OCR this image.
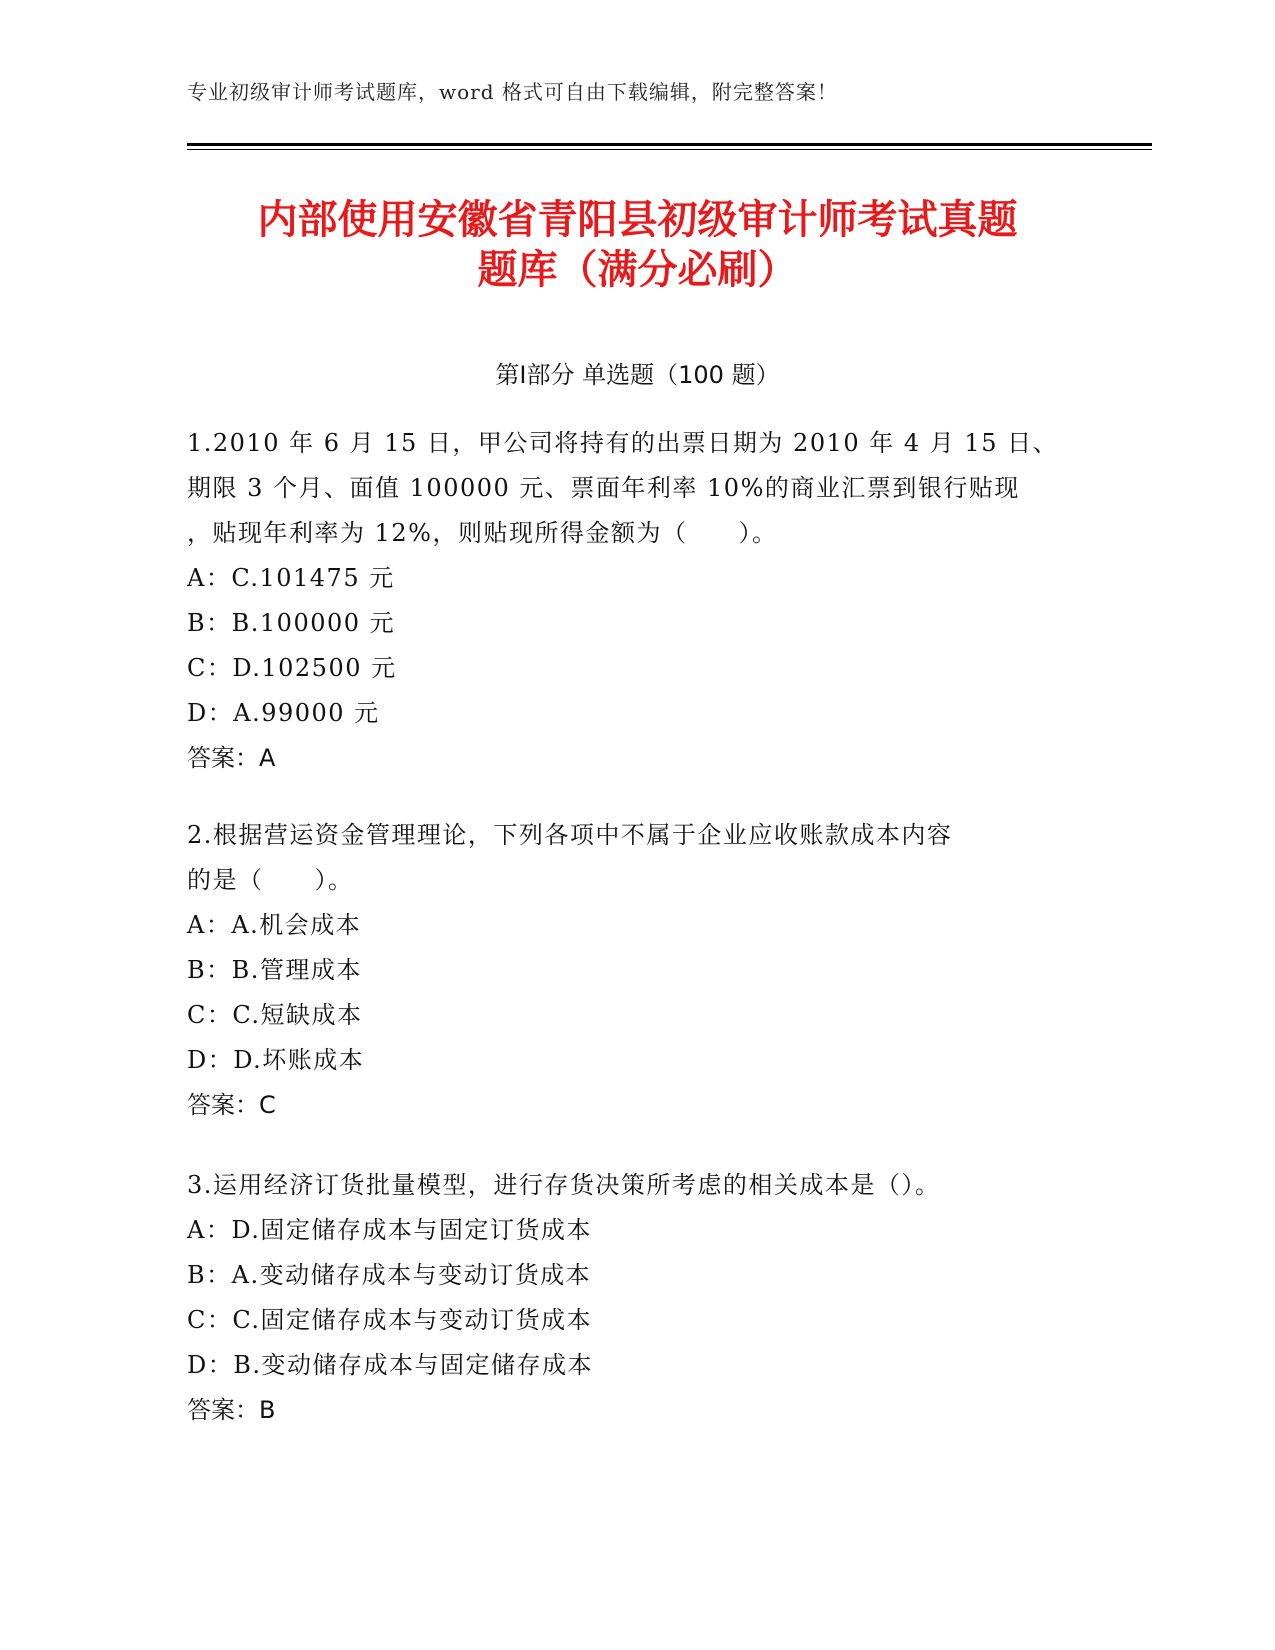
专业初级审计师考试题库，word 格式可自由下载编辑，附完整答案！
内部使用安徽省青阳县初级审计师考试真题
题库（满分必刷）
第Ⅰ部分 单选题（100 题）

1.2010 年 6 月 15 日，甲公司将持有的出票日期为 2010 年 4 月 15 日、

期限 3 个月、面值 100000 元、票面年利率 10%的商业汇票到银行贴现

，贴现年利率为 12%，则贴现所得金额为（　　）。

A：C.101475 元

B：B.100000 元

C：D.102500 元

D：A.99000 元

答案：A

2.根据营运资金管理理论，下列各项中不属于企业应收账款成本内容

的是（　　）。

A：A.机会成本

B：B.管理成本

C：C.短缺成本

D：D.坏账成本

答案：C

3.运用经济订货批量模型，进行存货决策所考虑的相关成本是（）。

A：D.固定储存成本与固定订货成本

B：A.变动储存成本与变动订货成本

C：C.固定储存成本与变动订货成本

D：B.变动储存成本与固定储存成本

答案：B
